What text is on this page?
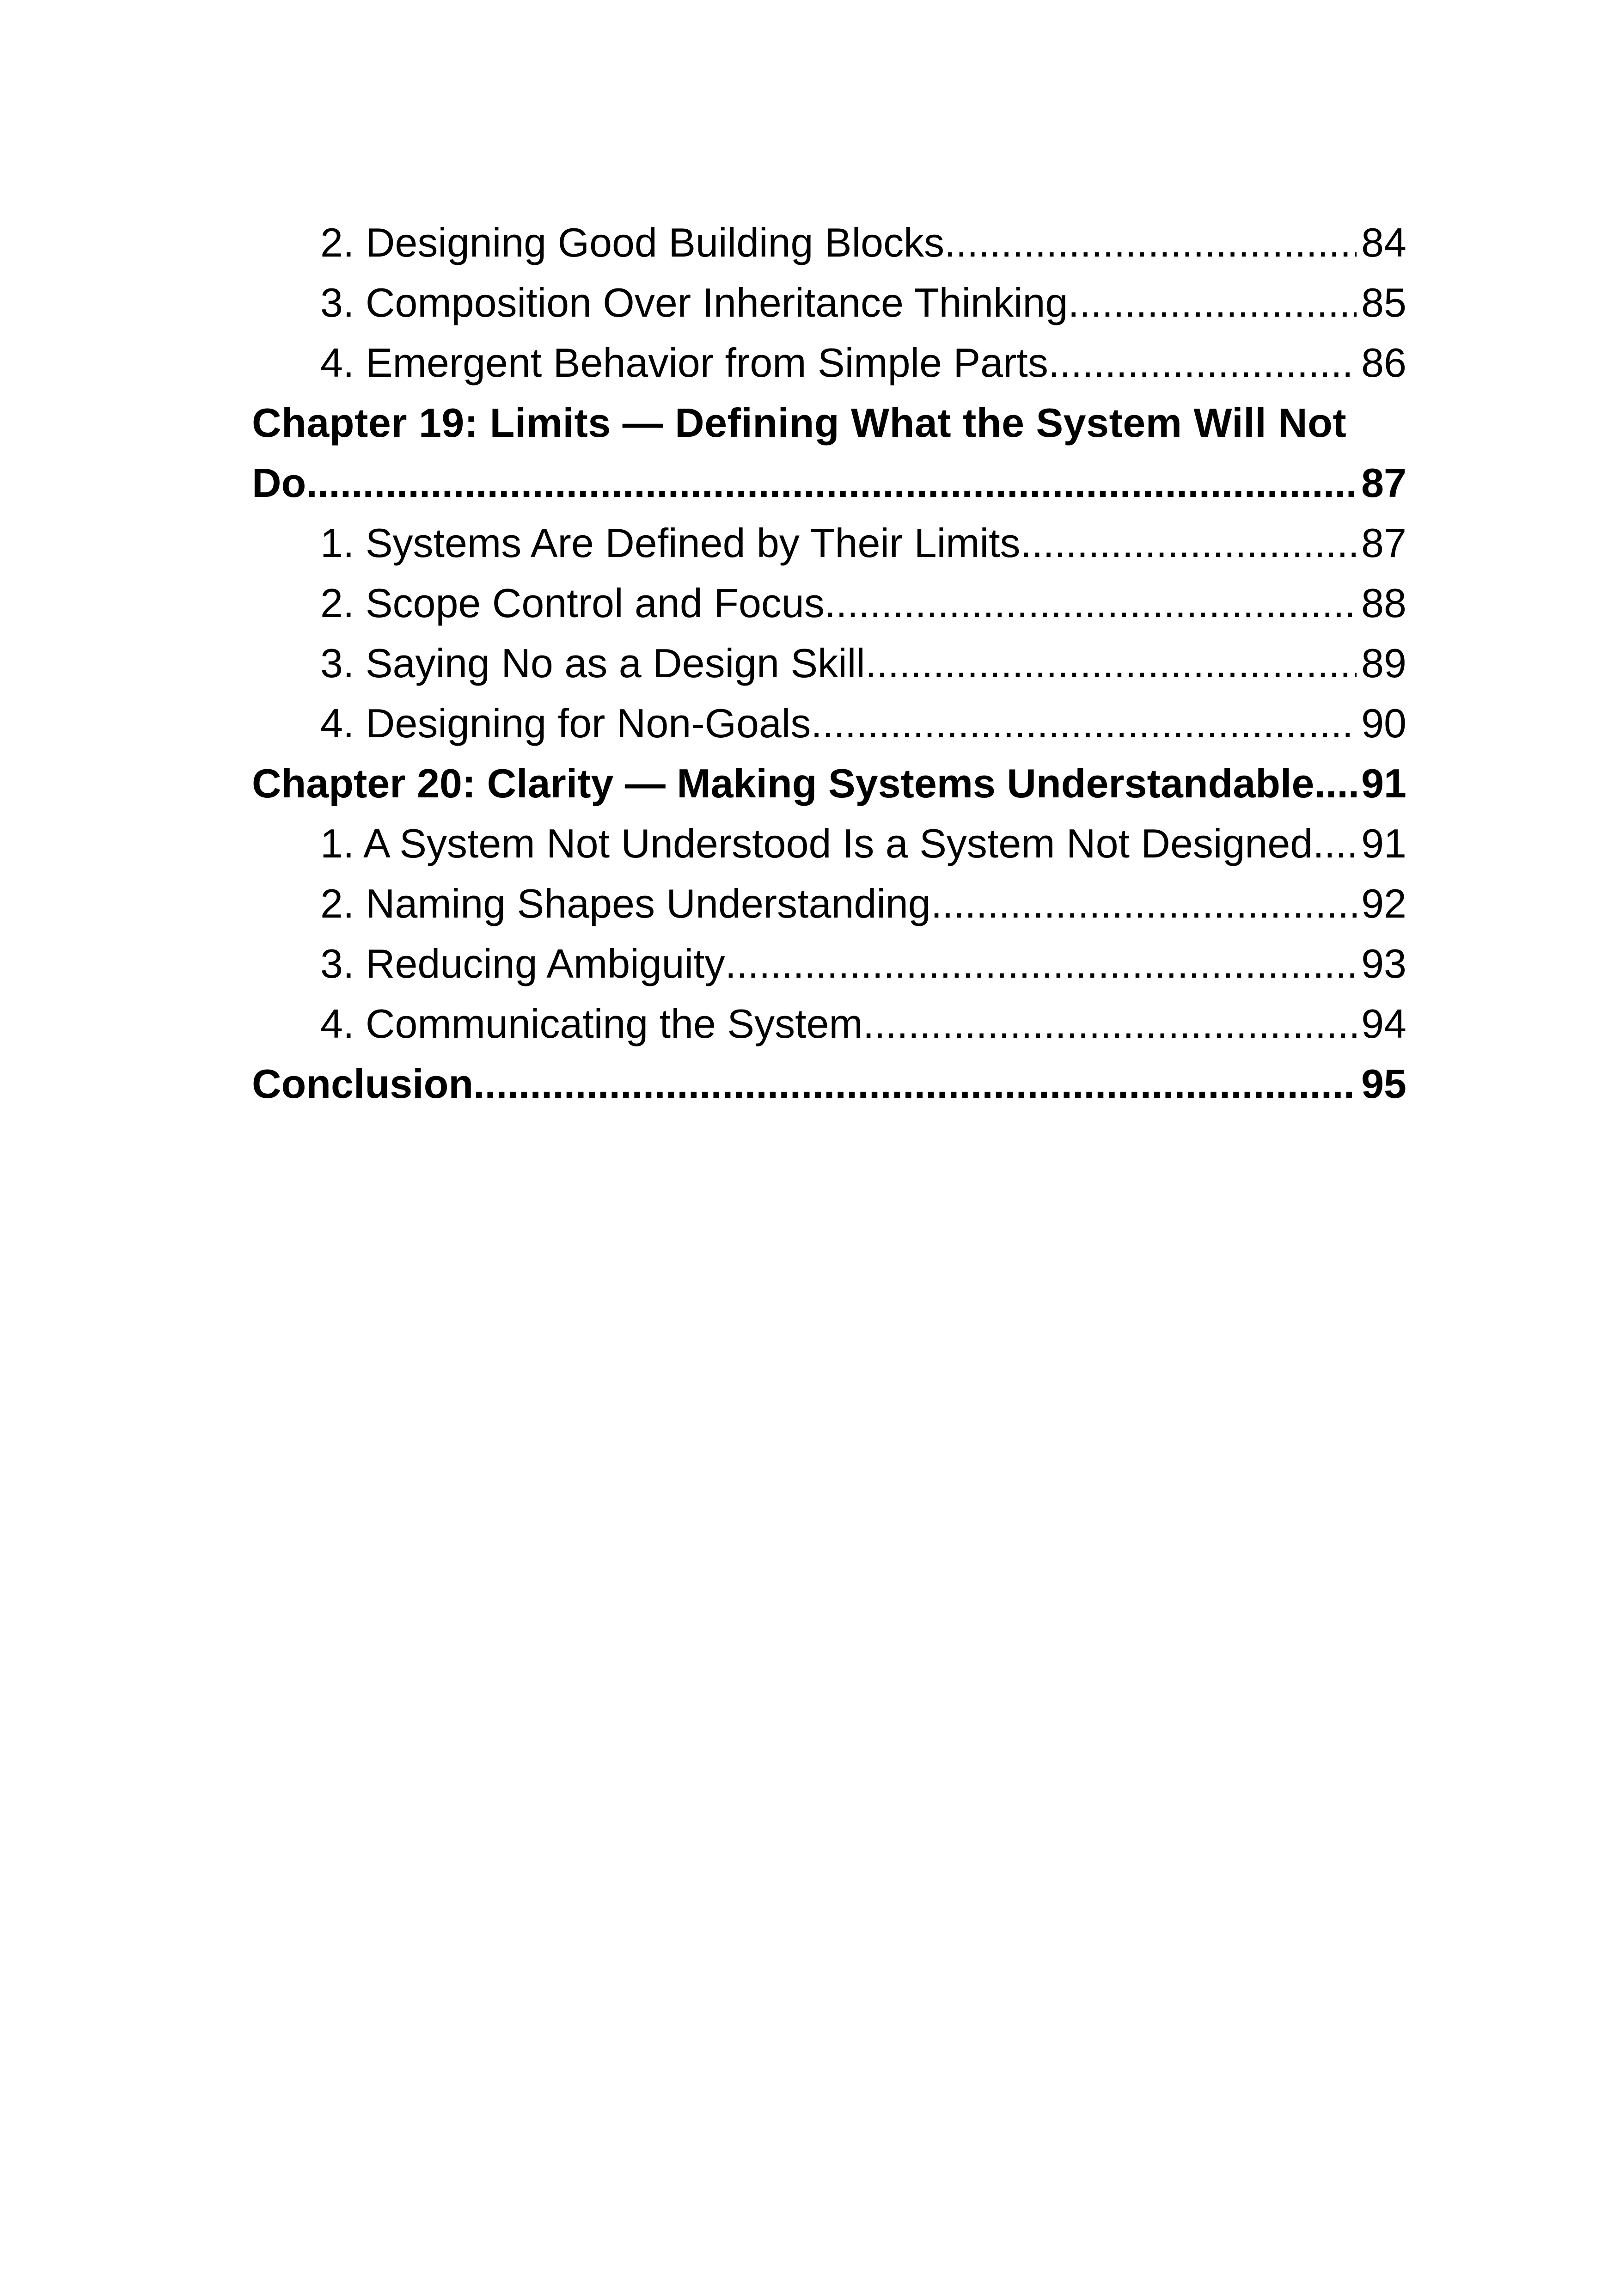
2. Designing Good Building Blocks .....	84
3. Composition Over Inheritance Thinking .....	85
4. Emergent Behavior from Simple Parts .....	86
Chapter 19: Limits — Defining What the System Will Not
Do .....	87
1. Systems Are Defined by Their Limits .....	87
2. Scope Control and Focus .....	88
3. Saying No as a Design Skill .....	89
4. Designing for Non-Goals .....	90
Chapter 20: Clarity — Making Systems Understandable ..... 91
1. A System Not Understood Is a System Not Designed ..... 91
2. Naming Shapes Understanding .....	92
3. Reducing Ambiguity .....	93
4. Communicating the System .....	94
Conclusion .....	95
